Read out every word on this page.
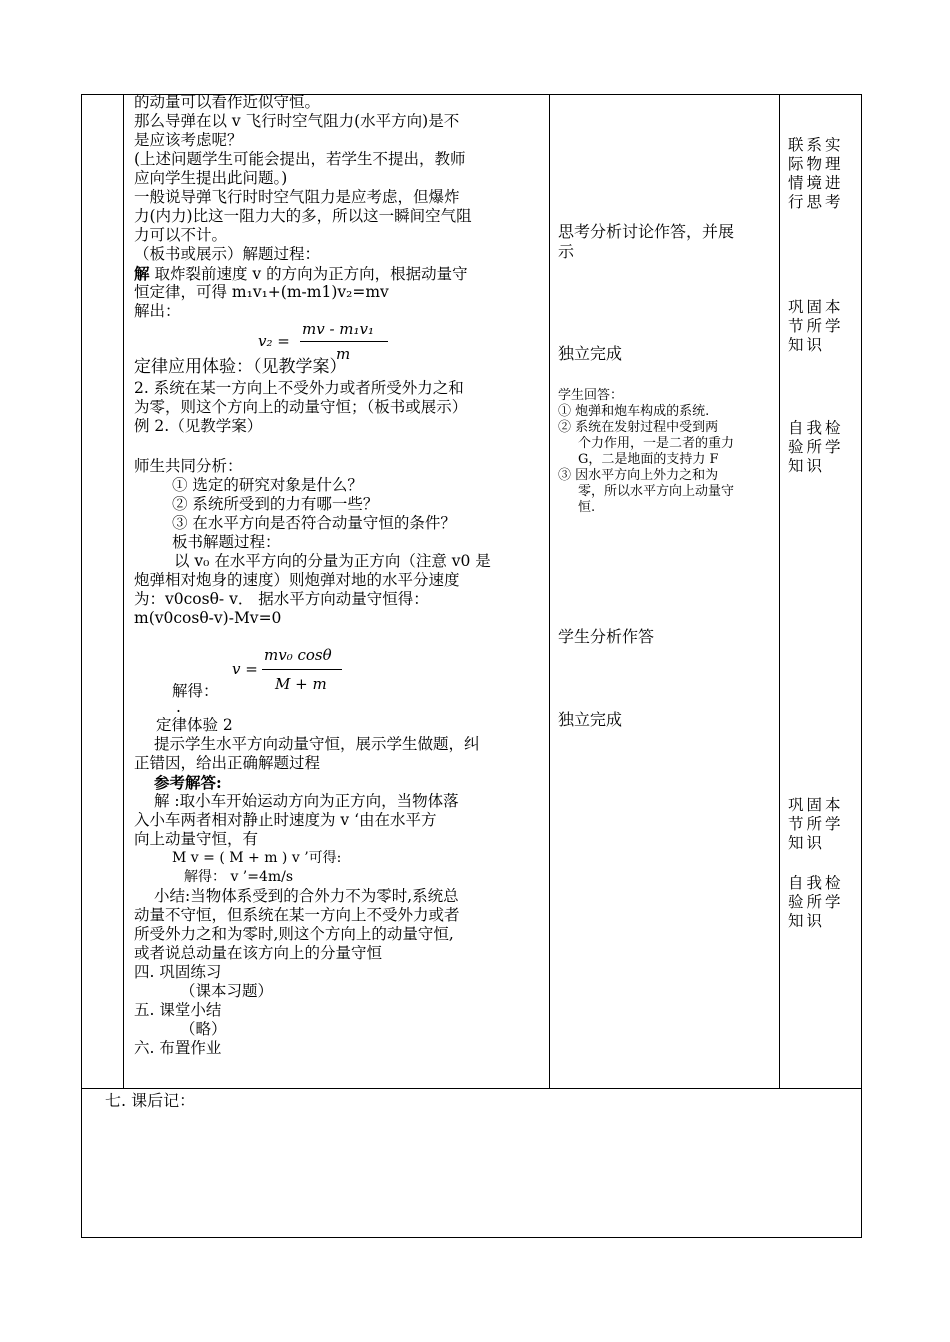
的动量可以看作近似守恒。
那么导弹在以 v 飞行时空气阻力(水平方向)是不
是应该考虑呢？
(上述问题学生可能会提出，若学生不提出，教师
应向学生提出此问题。)
一般说导弹飞行时时空气阻力是应考虑，但爆炸
力(内力)比这一阻力大的多，所以这一瞬间空气阻
力可以不计。
（板书或展示）解题过程：
解 取炸裂前速度 v 的方向为正方向，根据动量守
恒定律，可得 m₁v₁+(m-m1)v₂=mv
解出：
v₂ =
mv - m₁v₁
m
定律应用体验：（见教学案）
2. 系统在某一方向上不受外力或者所受外力之和
为零，则这个方向上的动量守恒；（板书或展示）
例 2.（见教学案）
师生共同分析：
① 选定的研究对象是什么？
② 系统所受到的力有哪一些？
③ 在水平方向是否符合动量守恒的条件？
板书解题过程：
以 v₀ 在水平方向的分量为正方向（注意 v0 是
炮弹相对炮身的速度）则炮弹对地的水平分速度
为：v0cosθ- v． 据水平方向动量守恒得：
m(v0cosθ-v)-Mv=0
v =
mv₀ cosθ
M + m
解得：
.
定律体验 2
提示学生水平方向动量守恒，展示学生做题，纠
正错因，给出正确解题过程
参考解答:
解 :取小车开始运动方向为正方向，当物体落
入小车两者相对静止时速度为 v ‘由在水平方
向上动量守恒，有
M v = ( M + m ) v ’可得:
解得： v ’=4m/s
小结:当物体系受到的合外力不为零时,系统总
动量不守恒，但系统在某一方向上不受外力或者
所受外力之和为零时,则这个方向上的动量守恒,
或者说总动量在该方向上的分量守恒
四. 巩固练习
（课本习题）
五. 课堂小结
（略）
六. 布置作业
思考分析讨论作答，并展
示
独立完成
学生回答：
① 炮弹和炮车构成的系统.
② 系统在发射过程中受到两
个力作用，一是二者的重力
G，二是地面的支持力 F
③ 因水平方向上外力之和为
零，所以水平方向上动量守
恒.
学生分析作答
独立完成
联系实
际物理
情境进
行思考
巩固本
节所学
知识
自我检
验所学
知识
巩固本
节所学
知识
自我检
验所学
知识
七. 课后记：
